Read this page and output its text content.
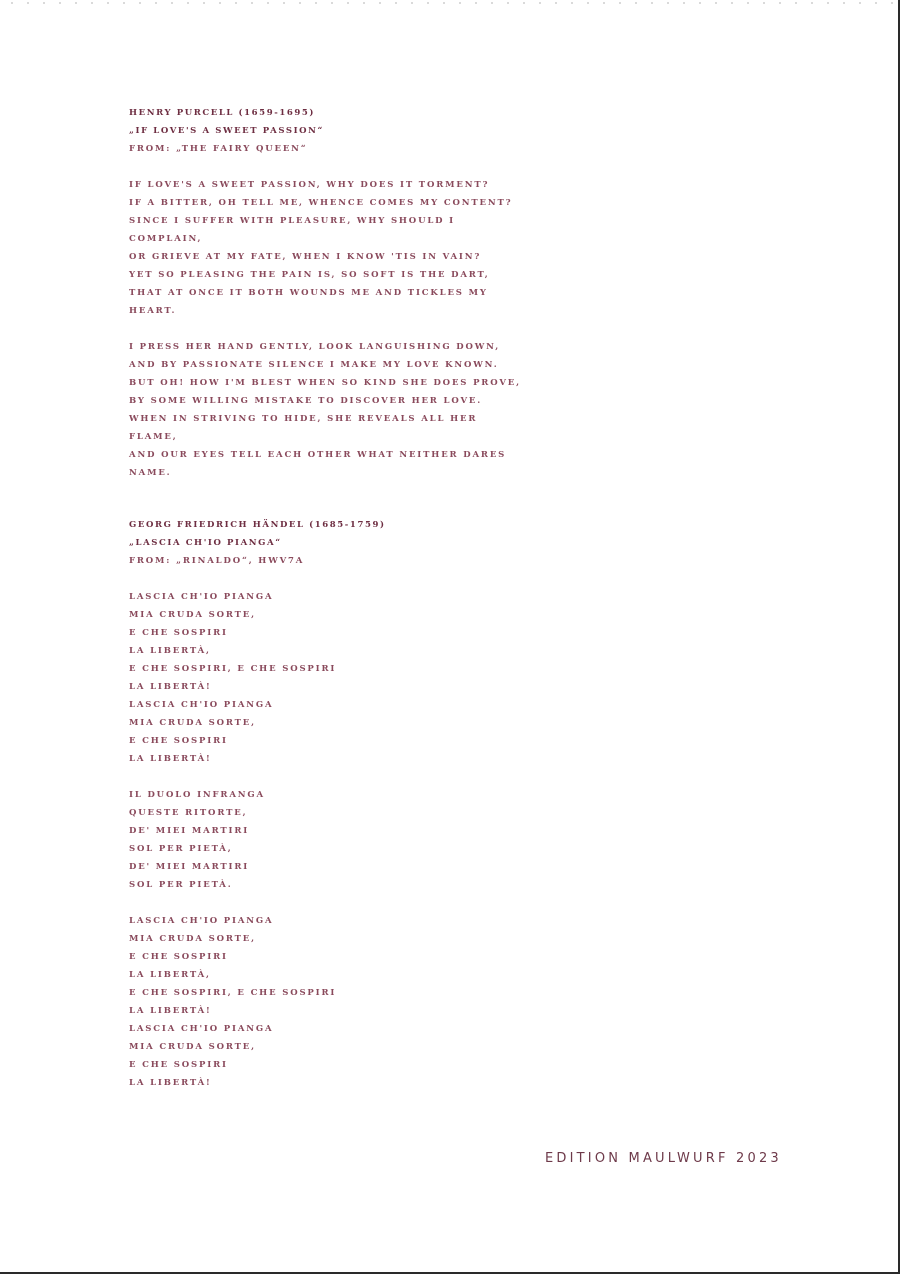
HENRY PURCELL (1659-1695)
„IF LOVE'S A SWEET PASSION“
FROM: „THE FAIRY QUEEN“
IF LOVE'S A SWEET PASSION, WHY DOES IT TORMENT?
IF A BITTER, OH TELL ME, WHENCE COMES MY CONTENT?
SINCE I SUFFER WITH PLEASURE, WHY SHOULD I
COMPLAIN,
OR GRIEVE AT MY FATE, WHEN I KNOW 'TIS IN VAIN?
YET SO PLEASING THE PAIN IS, SO SOFT IS THE DART,
THAT AT ONCE IT BOTH WOUNDS ME AND TICKLES MY
HEART.
I PRESS HER HAND GENTLY, LOOK LANGUISHING DOWN,
AND BY PASSIONATE SILENCE I MAKE MY LOVE KNOWN.
BUT OH! HOW I'M BLEST WHEN SO KIND SHE DOES PROVE,
BY SOME WILLING MISTAKE TO DISCOVER HER LOVE.
WHEN IN STRIVING TO HIDE, SHE REVEALS ALL HER
FLAME,
AND OUR EYES TELL EACH OTHER WHAT NEITHER DARES
NAME.
GEORG FRIEDRICH HÄNDEL (1685-1759)
„LASCIA CH'IO PIANGA“
FROM: „RINALDO“, HWV7A
LASCIA CH'IO PIANGA
MIA CRUDA SORTE,
E CHE SOSPIRI
LA LIBERTÀ,
E CHE SOSPIRI, E CHE SOSPIRI
LA LIBERTÀ!
LASCIA CH'IO PIANGA
MIA CRUDA SORTE,
E CHE SOSPIRI
LA LIBERTÀ!
IL DUOLO INFRANGA
QUESTE RITORTE,
DE' MIEI MARTIRI
SOL PER PIETÀ,
DE' MIEI MARTIRI
SOL PER PIETÀ.
LASCIA CH'IO PIANGA
MIA CRUDA SORTE,
E CHE SOSPIRI
LA LIBERTÀ,
E CHE SOSPIRI, E CHE SOSPIRI
LA LIBERTÀ!
LASCIA CH'IO PIANGA
MIA CRUDA SORTE,
E CHE SOSPIRI
LA LIBERTÀ!
EDITION MAULWURF 2023
